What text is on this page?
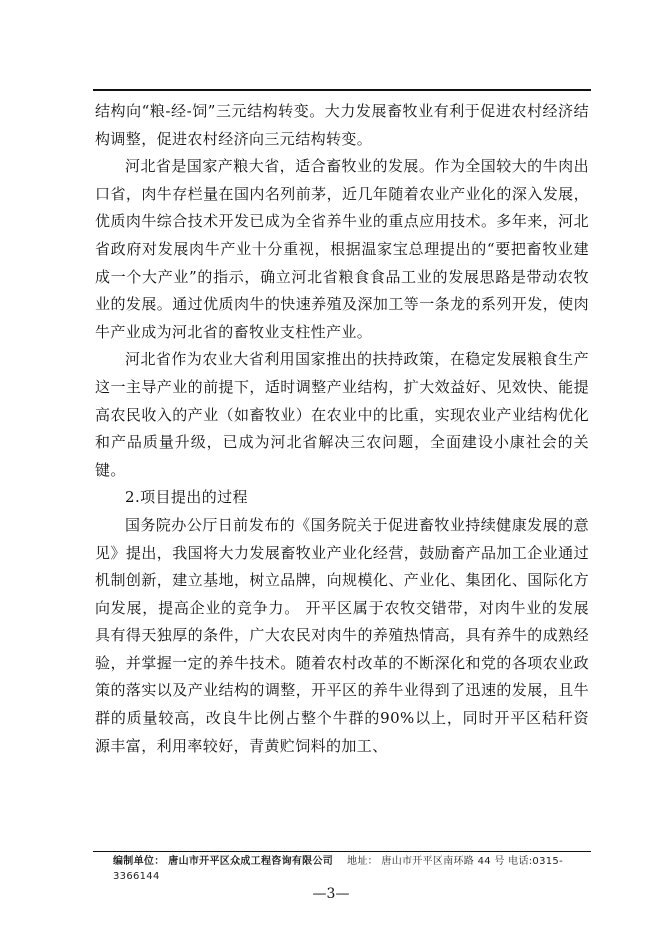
结构向“粮-经-饲”三元结构转变。大力发展畜牧业有利于促进农村经济结构调整，促进农村经济向三元结构转变。

河北省是国家产粮大省，适合畜牧业的发展。作为全国较大的牛肉出口省，肉牛存栏量在国内名列前茅，近几年随着农业产业化的深入发展，优质肉牛综合技术开发已成为全省养牛业的重点应用技术。多年来，河北省政府对发展肉牛产业十分重视，根据温家宝总理提出的“要把畜牧业建成一个大产业”的指示，确立河北省粮食食品工业的发展思路是带动农牧业的发展。通过优质肉牛的快速养殖及深加工等一条龙的系列开发，使肉牛产业成为河北省的畜牧业支柱性产业。

河北省作为农业大省利用国家推出的扶持政策，在稳定发展粮食生产这一主导产业的前提下，适时调整产业结构，扩大效益好、见效快、能提高农民收入的产业（如畜牧业）在农业中的比重，实现农业产业结构优化和产品质量升级，已成为河北省解决三农问题，全面建设小康社会的关键。

2.项目提出的过程

国务院办公厅日前发布的《国务院关于促进畜牧业持续健康发展的意见》提出，我国将大力发展畜牧业产业化经营，鼓励畜产品加工企业通过机制创新，建立基地，树立品牌，向规模化、产业化、集团化、国际化方向发展，提高企业的竞争力。 开平区属于农牧交错带，对肉牛业的发展具有得天独厚的条件，广大农民对肉牛的养殖热情高，具有养牛的成熟经验，并掌握一定的养牛技术。随着农村改革的不断深化和党的各项农业政策的落实以及产业结构的调整，开平区的养牛业得到了迅速的发展，且牛群的质量较高，改良牛比例占整个牛群的90%以上，同时开平区秸秆资源丰富，利用率较好，青黄贮饲料的加工、

编制单位： 唐山市开平区众成工程咨询有限公司 地址： 唐山市开平区南环路 44 号 电话:0315-3366144
—3—
